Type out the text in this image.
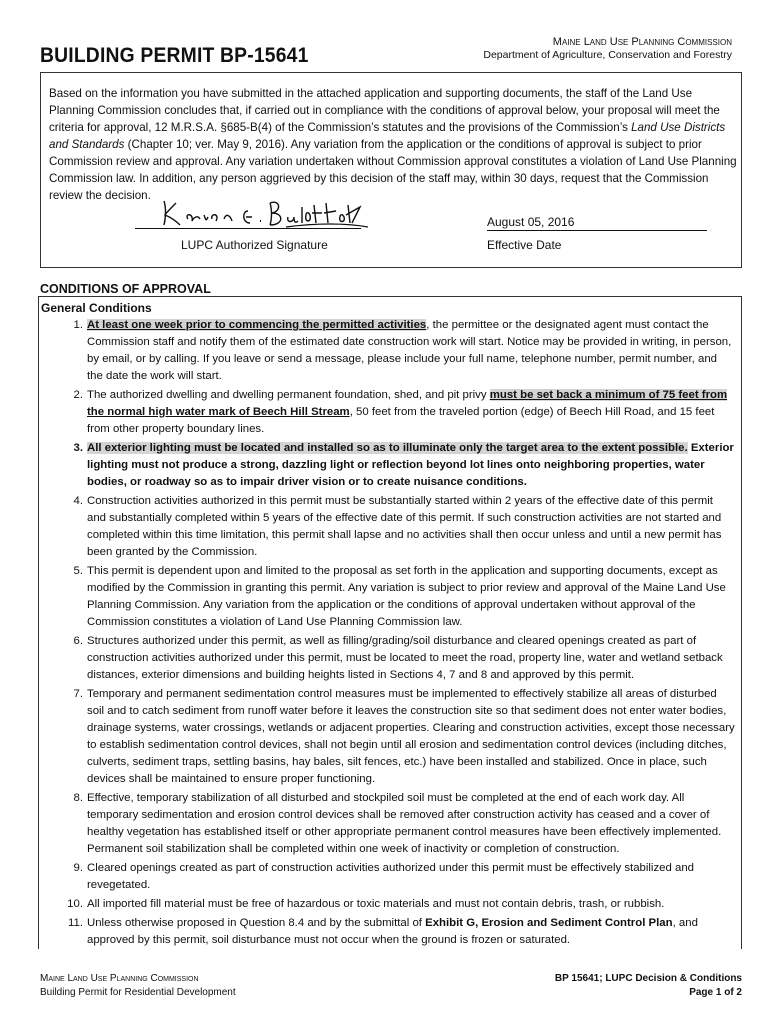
BUILDING PERMIT BP-15641
Maine Land Use Planning Commission
Department of Agriculture, Conservation and Forestry
Based on the information you have submitted in the attached application and supporting documents, the staff of the Land Use Planning Commission concludes that, if carried out in compliance with the conditions of approval below, your proposal will meet the criteria for approval, 12 M.R.S.A. §685-B(4) of the Commission’s statutes and the provisions of the Commission’s Land Use Districts and Standards (Chapter 10; ver. May 9, 2016). Any variation from the application or the conditions of approval is subject to prior Commission review and approval. Any variation undertaken without Commission approval constitutes a violation of Land Use Planning Commission law. In addition, any person aggrieved by this decision of the staff may, within 30 days, request that the Commission review the decision.
LUPC Authorized Signature
August 05, 2016
Effective Date
CONDITIONS OF APPROVAL
General Conditions
1. At least one week prior to commencing the permitted activities, the permittee or the designated agent must contact the Commission staff and notify them of the estimated date construction work will start. Notice may be provided in writing, in person, by email, or by calling. If you leave or send a message, please include your full name, telephone number, permit number, and the date the work will start.
2. The authorized dwelling and dwelling permanent foundation, shed, and pit privy must be set back a minimum of 75 feet from the normal high water mark of Beech Hill Stream, 50 feet from the traveled portion (edge) of Beech Hill Road, and 15 feet from other property boundary lines.
3. All exterior lighting must be located and installed so as to illuminate only the target area to the extent possible. Exterior lighting must not produce a strong, dazzling light or reflection beyond lot lines onto neighboring properties, water bodies, or roadway so as to impair driver vision or to create nuisance conditions.
4. Construction activities authorized in this permit must be substantially started within 2 years of the effective date of this permit and substantially completed within 5 years of the effective date of this permit. If such construction activities are not started and completed within this time limitation, this permit shall lapse and no activities shall then occur unless and until a new permit has been granted by the Commission.
5. This permit is dependent upon and limited to the proposal as set forth in the application and supporting documents, except as modified by the Commission in granting this permit. Any variation is subject to prior review and approval of the Maine Land Use Planning Commission. Any variation from the application or the conditions of approval undertaken without approval of the Commission constitutes a violation of Land Use Planning Commission law.
6. Structures authorized under this permit, as well as filling/grading/soil disturbance and cleared openings created as part of construction activities authorized under this permit, must be located to meet the road, property line, water and wetland setback distances, exterior dimensions and building heights listed in Sections 4, 7 and 8 and approved by this permit.
7. Temporary and permanent sedimentation control measures must be implemented to effectively stabilize all areas of disturbed soil and to catch sediment from runoff water before it leaves the construction site so that sediment does not enter water bodies, drainage systems, water crossings, wetlands or adjacent properties. Clearing and construction activities, except those necessary to establish sedimentation control devices, shall not begin until all erosion and sedimentation control devices (including ditches, culverts, sediment traps, settling basins, hay bales, silt fences, etc.) have been installed and stabilized. Once in place, such devices shall be maintained to ensure proper functioning.
8. Effective, temporary stabilization of all disturbed and stockpiled soil must be completed at the end of each work day. All temporary sedimentation and erosion control devices shall be removed after construction activity has ceased and a cover of healthy vegetation has established itself or other appropriate permanent control measures have been effectively implemented. Permanent soil stabilization shall be completed within one week of inactivity or completion of construction.
9. Cleared openings created as part of construction activities authorized under this permit must be effectively stabilized and revegetated.
10. All imported fill material must be free of hazardous or toxic materials and must not contain debris, trash, or rubbish.
11. Unless otherwise proposed in Question 8.4 and by the submittal of Exhibit G, Erosion and Sediment Control Plan, and approved by this permit, soil disturbance must not occur when the ground is frozen or saturated.
Maine Land Use Planning Commission
Building Permit for Residential Development
BP 15641; LUPC Decision & Conditions
Page 1 of 2
